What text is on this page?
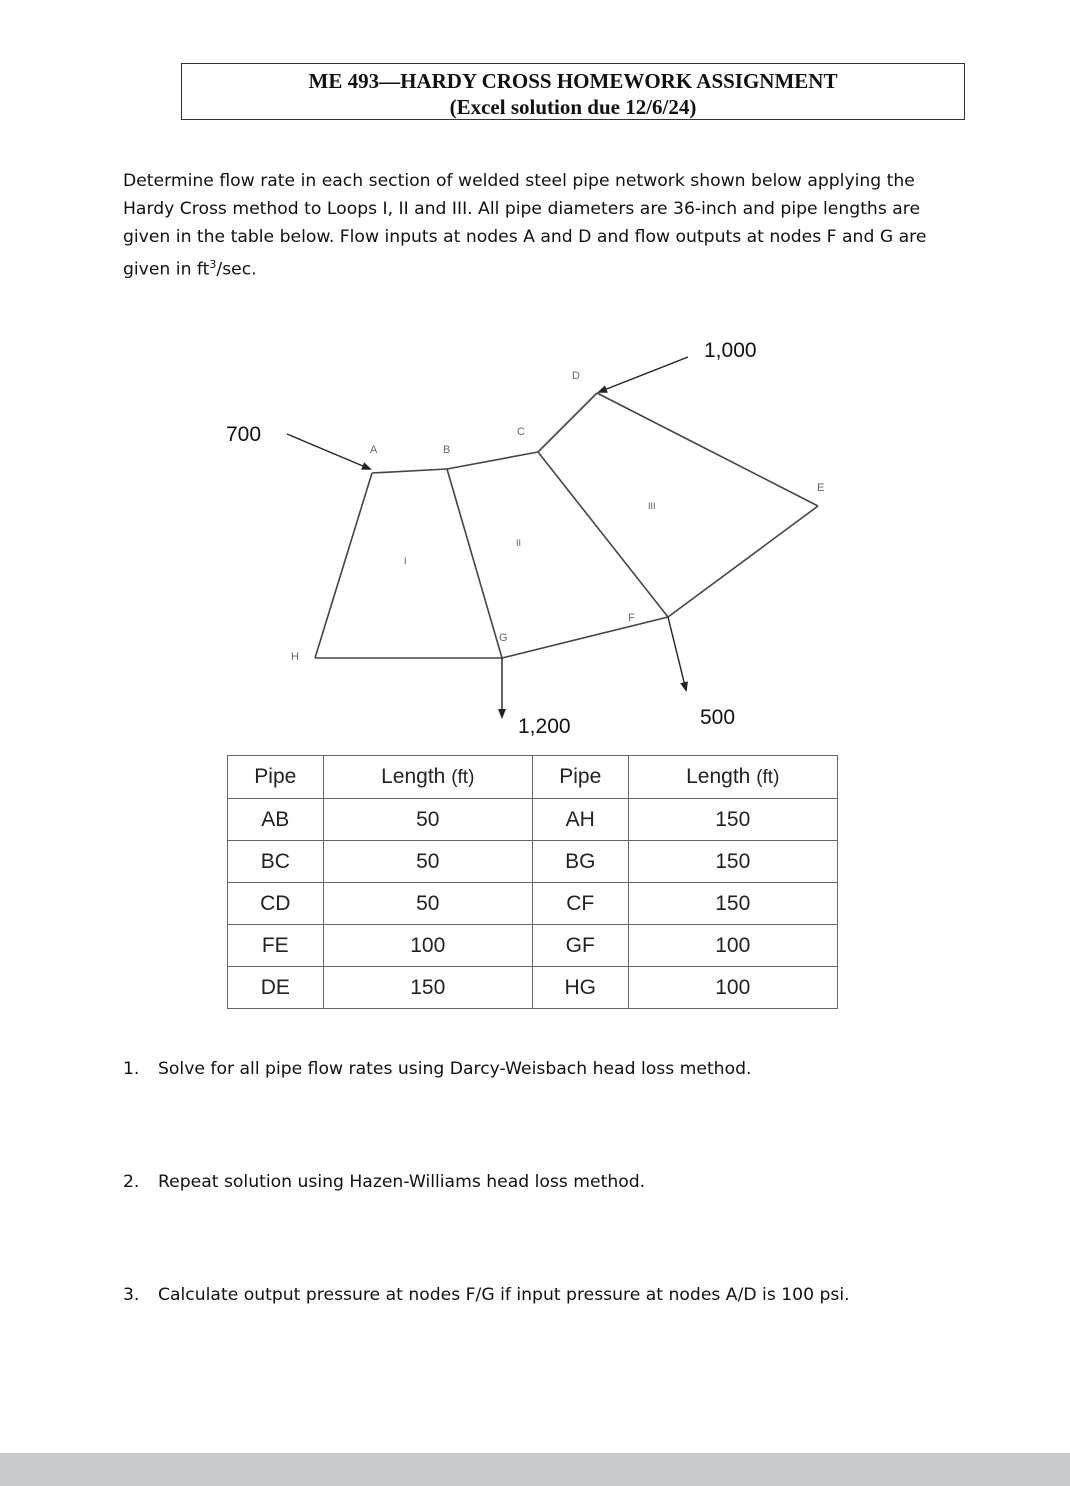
ME 493—HARDY CROSS HOMEWORK ASSIGNMENT
(Excel solution due 12/6/24)

Determine flow rate in each section of welded steel pipe network shown below applying the Hardy Cross method to Loops I, II and III. All pipe diameters are 36-inch and pipe lengths are given in the table below. Flow inputs at nodes A and D and flow outputs at nodes F and G are given in $ft^3/\sec$.

A	B
C
D
E
F
G
H
I
II
III
700
1,000
1,200	500
Pipe	Length (ft)	Pipe	Length (ft)
AB	50	AH	150
BC	50	BG	150
CD	50	CF	150
FE	100	GF	100
DE	150	HG	100

1. Solve for all pipe flow rates using Darcy-Weisbach head loss method.

2. Repeat solution using Hazen-Williams head loss method.

3. Calculate output pressure at nodes F/G if input pressure at nodes A/D is 100 psi.
